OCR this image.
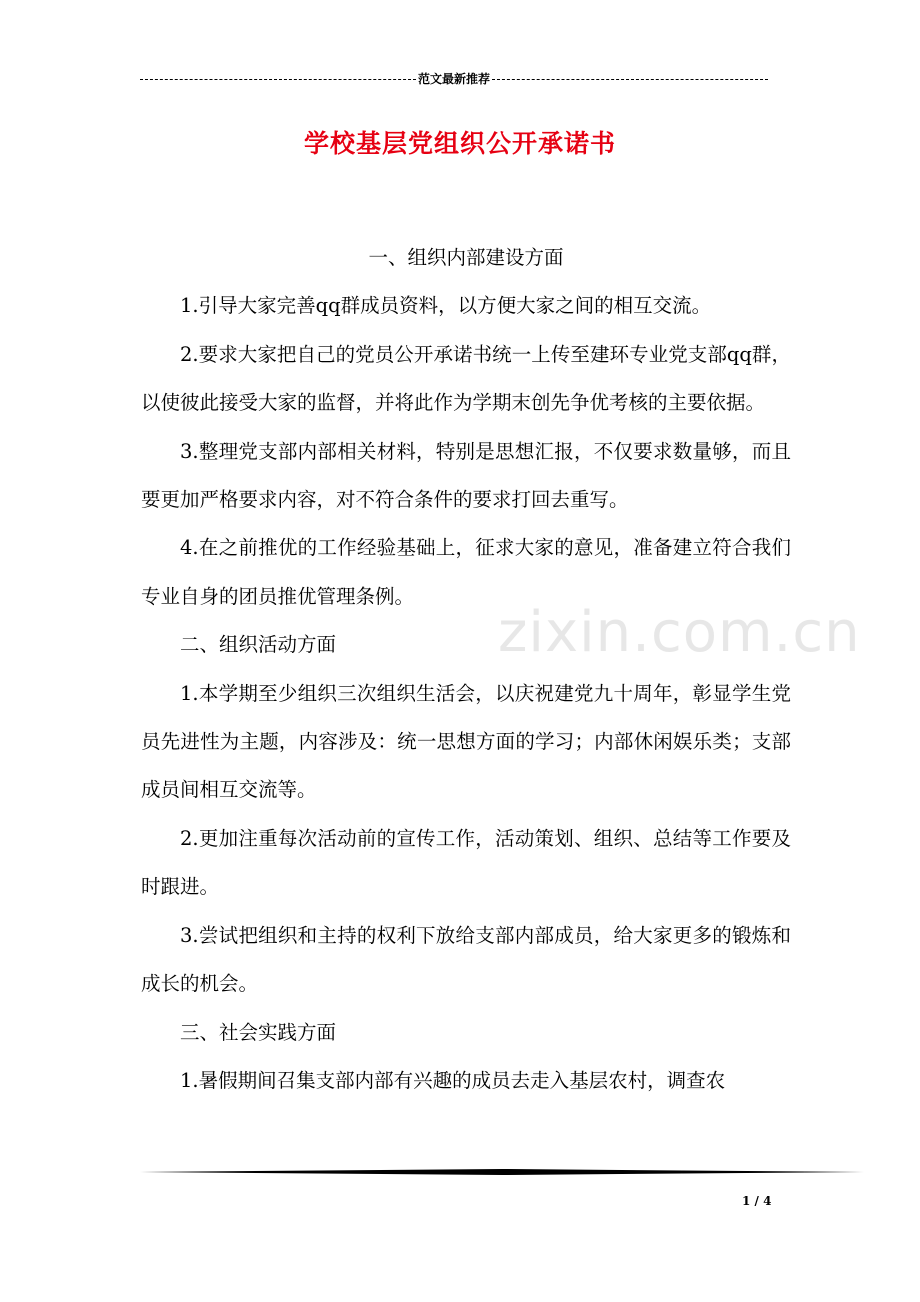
范文最新推荐
学校基层党组织公开承诺书

一、组织内部建设方面

1.引导大家完善qq群成员资料，以方便大家之间的相互交流。

2.要求大家把自己的党员公开承诺书统一上传至建环专业党支部qq群，以使彼此接受大家的监督，并将此作为学期末创先争优考核的主要依据。

3.整理党支部内部相关材料，特别是思想汇报，不仅要求数量够，而且要更加严格要求内容，对不符合条件的要求打回去重写。

4.在之前推优的工作经验基础上，征求大家的意见，准备建立符合我们专业自身的团员推优管理条例。

二、组织活动方面

1.本学期至少组织三次组织生活会，以庆祝建党九十周年，彰显学生党员先进性为主题，内容涉及：统一思想方面的学习；内部休闲娱乐类；支部成员间相互交流等。

2.更加注重每次活动前的宣传工作，活动策划、组织、总结等工作要及时跟进。

3.尝试把组织和主持的权利下放给支部内部成员，给大家更多的锻炼和成长的机会。

三、社会实践方面

1.暑假期间召集支部内部有兴趣的成员去走入基层农村，调查农

zixin.com.cn
1 / 4
